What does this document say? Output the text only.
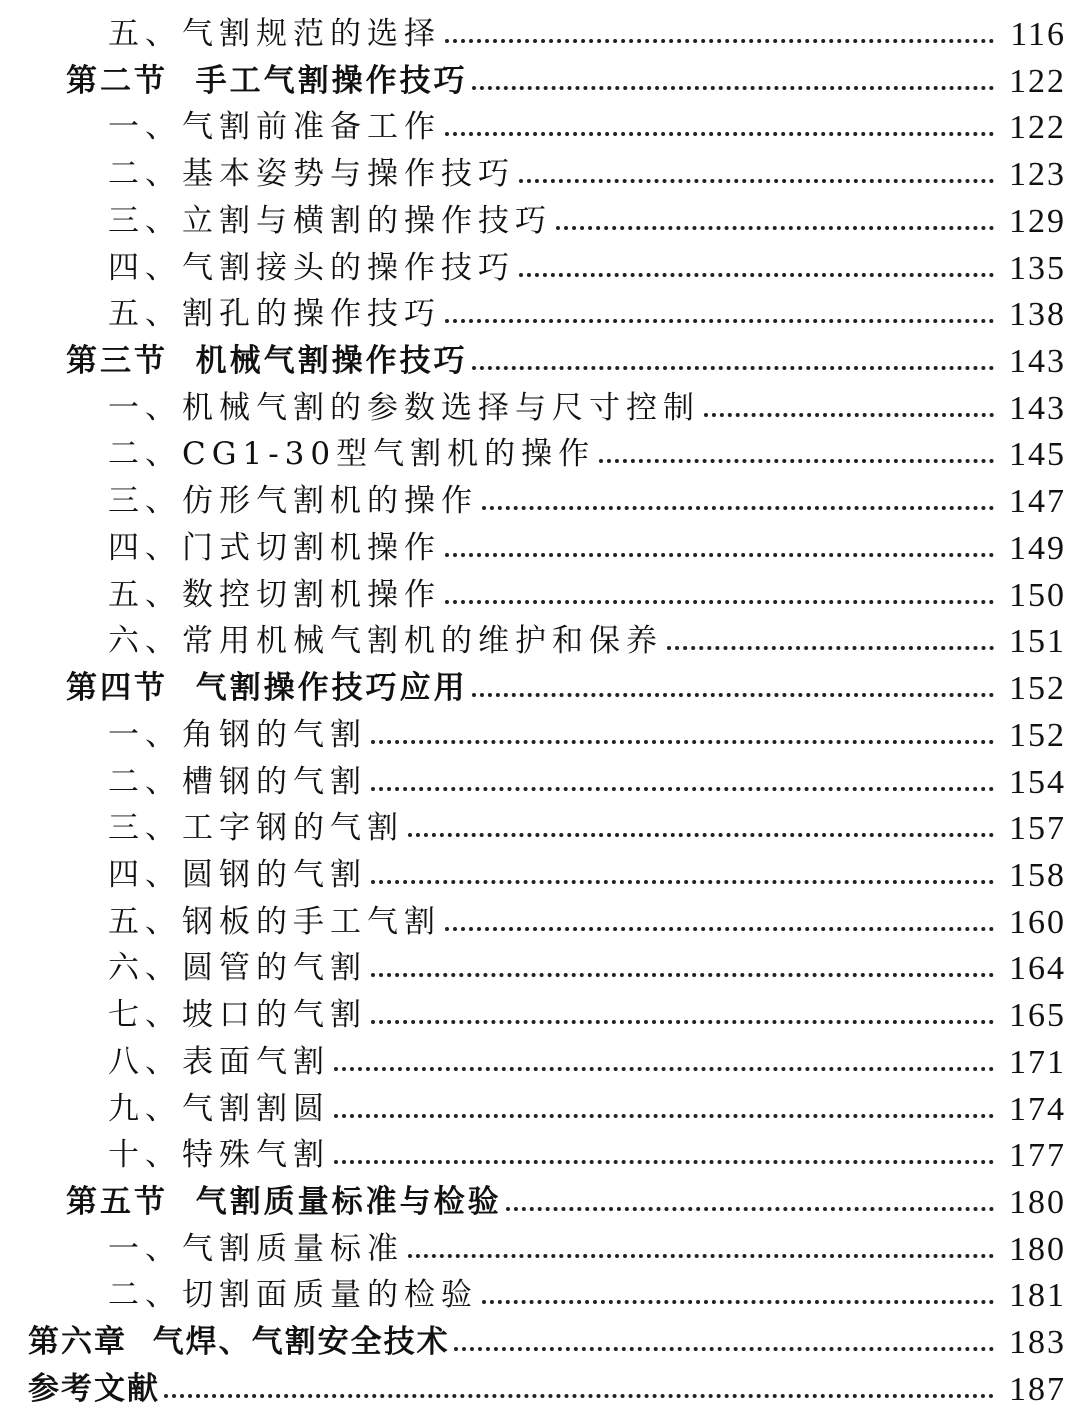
五、气割规范的选择	116
第二节  手工气割操作技巧	122
一、气割前准备工作	122
二、基本姿势与操作技巧	123
三、立割与横割的操作技巧	129
四、气割接头的操作技巧	135
五、割孔的操作技巧	138
第三节  机械气割操作技巧	143
一、机械气割的参数选择与尺寸控制	143
二、CG1-30型气割机的操作	145
三、仿形气割机的操作	147
四、门式切割机操作	149
五、数控切割机操作	150
六、常用机械气割机的维护和保养	151
第四节  气割操作技巧应用	152
一、角钢的气割	152
二、槽钢的气割	154
三、工字钢的气割	157
四、圆钢的气割	158
五、钢板的手工气割	160
六、圆管的气割	164
七、坡口的气割	165
八、表面气割	171
九、气割割圆	174
十、特殊气割	177
第五节  气割质量标准与检验	180
一、气割质量标准	180
二、切割面质量的检验	181
第六章  气焊、气割安全技术	183
参考文献	187
